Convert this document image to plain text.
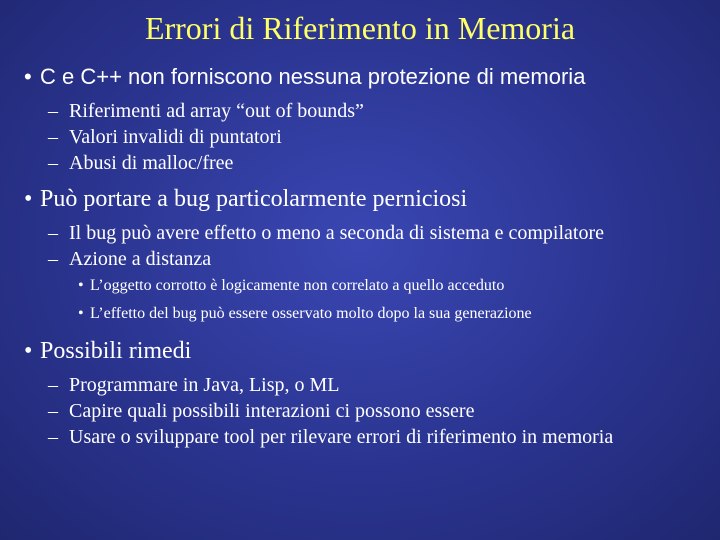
Errori di Riferimento in Memoria
• C e C++ non forniscono nessuna protezione di memoria
– Riferimenti ad array “out of bounds”
– Valori invalidi di puntatori
– Abusi di malloc/free
• Può portare a bug particolarmente perniciosi
– Il bug può avere effetto o meno a seconda di sistema e compilatore
– Azione a distanza
• L’oggetto corrotto è logicamente non correlato a quello acceduto
• L’effetto del bug può essere osservato molto dopo la sua generazione
• Possibili rimedi
– Programmare in Java, Lisp, o ML
– Capire quali possibili interazioni ci possono essere
– Usare o sviluppare tool per rilevare errori di riferimento in memoria
